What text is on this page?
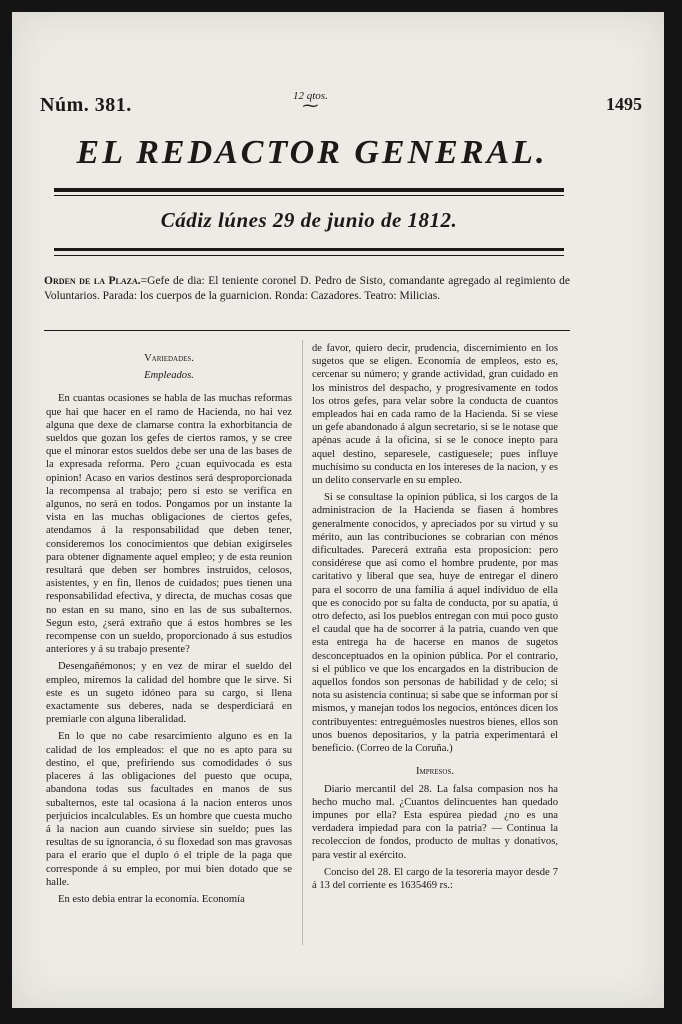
Núm. 381.	12 qtos.
⁓	1495
EL REDACTOR GENERAL.
Cádiz lúnes 29 de junio de 1812.
Orden de la Plaza.=Gefe de dia: El teniente coronel D. Pedro de Sisto, comandante agregado al regimiento de Voluntarios. Parada: los cuerpos de la guarnicion. Ronda: Cazadores. Teatro: Milicias.

Variedades.

Empleados.

En cuantas ocasiones se habla de las muchas reformas que hai que hacer en el ramo de Hacienda, no hai vez alguna que dexe de clamarse contra la exhorbitancia de sueldos que gozan los gefes de ciertos ramos, y se cree que el minorar estos sueldos debe ser una de las bases de la expresada reforma. Pero ¿cuan equivocada es esta opinion! Acaso en varios destinos será desproporcionada la recompensa al trabajo; pero si esto se verifica en algunos, no será en todos. Pongamos por un instante la vista en las muchas obligaciones de ciertos gefes, atendamos á la responsabilidad que deben tener, consideremos los conocimientos que debian exigírseles para obtener dignamente aquel empleo; y de esta reunion resultará que deben ser hombres instruidos, celosos, asistentes, y en fin, llenos de cuidados; pues tienen una responsabilidad efectiva, y directa, de muchas cosas que no estan en su mano, sino en las de sus subalternos. Segun esto, ¿será extraño que á estos hombres se les recompense con un sueldo, proporcionado á sus estudios anteriores y á su trabajo presente?

Desengañémonos; y en vez de mirar el sueldo del empleo, miremos la calidad del hombre que le sirve. Si este es un sugeto idóneo para su cargo, si llena exactamente sus deberes, nada se desperdiciará en premiarle con alguna liberalidad.

En lo que no cabe resarcimiento alguno es en la calidad de los empleados: el que no es apto para su destino, el que, prefiriendo sus comodidades ó sus placeres á las obligaciones del puesto que ocupa, abandona todas sus facultades en manos de sus subalternos, este tal ocasiona á la nacion enteros unos perjuicios incalculables. Es un hombre que cuesta mucho á la nacion aun cuando sirviese sin sueldo; pues las resultas de su ignorancia, ó su floxedad son mas gravosas para el erario que el duplo ó el triple de la paga que corresponde á su empleo, por mui bien dotado que se halle.

En esto debia entrar la economía. Economía

de favor, quiero decir, prudencia, discernimiento en los sugetos que se eligen. Economía de empleos, esto es, cercenar su número; y grande actividad, gran cuidado en los ministros del despacho, y progresivamente en todos los otros gefes, para velar sobre la conducta de cuantos empleados hai en cada ramo de la Hacienda. Si se viese un gefe abandonado á algun secretario, si se le notase que apénas acude á la oficina, si se le conoce inepto para aquel destino, separesele, castiguesele; pues influye muchísimo su conducta en los intereses de la nacion, y es un delito conservarle en su empleo.

Si se consultase la opinion pública, si los cargos de la administracion de la Hacienda se fiasen á hombres generalmente conocidos, y apreciados por su virtud y su mérito, aun las contribuciones se cobrarian con ménos dificultades. Parecerá extraña esta proposicion: pero considérese que asi como el hombre prudente, por mas caritativo y liberal que sea, huye de entregar el dinero para el socorro de una familia á aquel individuo de ella que es conocido por su falta de conducta, por su apatía, ú otro defecto, asi los pueblos entregan con mui poco gusto el caudal que ha de socorrer á la patria, cuando ven que esta entrega ha de hacerse en manos de sugetos desconceptuados en la opinion pública. Por el contrario, si el público ve que los encargados en la distribucion de aquellos fondos son personas de habilidad y de celo; si nota su asistencia continua; si sabe que se informan por sí mismos, y manejan todos los negocios, entónces dicen los contribuyentes: entreguémosles nuestros bienes, ellos son unos buenos depositarios, y la patria experimentará el beneficio. (Correo de la Coruña.)

Impresos.

Diario mercantil del 28. La falsa compasion nos ha hecho mucho mal. ¿Cuantos delincuentes han quedado impunes por ella? Esta espúrea piedad ¿no es una verdadera impiedad para con la patria? — Continua la recoleccion de fondos, producto de multas y donativos, para vestir al exército.

Conciso del 28. El cargo de la tesoreria mayor desde 7 á 13 del corriente es 1635469 rs.:
